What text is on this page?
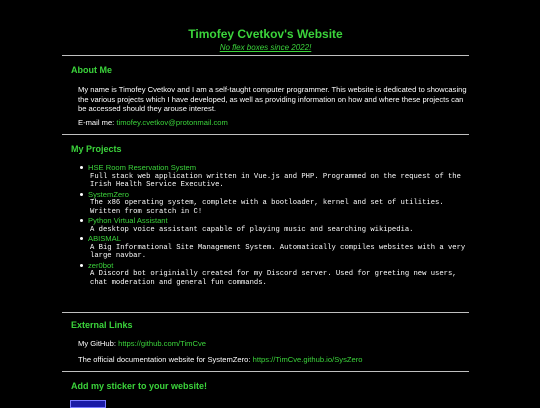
Timofey Cvetkov's Website
No flex boxes since 2022!
About Me
My name is Timofey Cvetkov and I am a self-taught computer programmer. This website is dedicated to showcasing the various projects which I have developed, as well as providing information on how and where these projects can be accessed should they arouse interest.
E-mail me: timofey.cvetkov@protonmail.com
My Projects
HSE Room Reservation System
Full stack web application written in Vue.js and PHP. Programmed on the request of the Irish Health Service Executive.
SystemZero
The x86 operating system, complete with a bootloader, kernel and set of utilities. Written from scratch in C!
Python Virtual Assistant
A desktop voice assistant capable of playing music and searching wikipedia.
ABISMAL
A Big Informational Site Management System. Automatically compiles websites with a very large navbar.
zer0bot
A Discord bot originially created for my Discord server. Used for greeting new users, chat moderation and general fun commands.
External Links
My GitHub: https://github.com/TimCve
The official documentation website for SystemZero: https://TimCve.github.io/SysZero
Add my sticker to your website!
